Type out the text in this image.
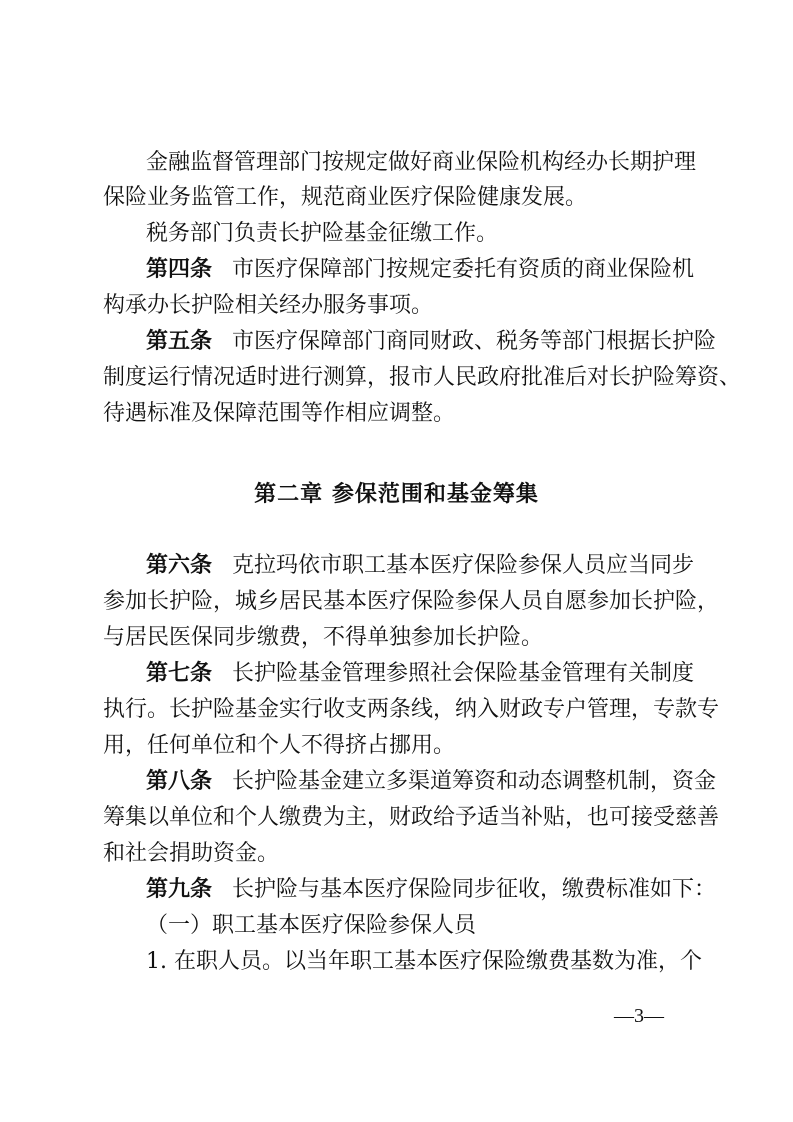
金融监督管理部门按规定做好商业保险机构经办长期护理
保险业务监管工作，规范商业医疗保险健康发展。
税务部门负责长护险基金征缴工作。
第四条 市医疗保障部门按规定委托有资质的商业保险机
构承办长护险相关经办服务事项。
第五条 市医疗保障部门商同财政、税务等部门根据长护险
制度运行情况适时进行测算，报市人民政府批准后对长护险筹资、
待遇标准及保障范围等作相应调整。
第二章 参保范围和基金筹集
第六条 克拉玛依市职工基本医疗保险参保人员应当同步
参加长护险，城乡居民基本医疗保险参保人员自愿参加长护险，
与居民医保同步缴费，不得单独参加长护险。
第七条 长护险基金管理参照社会保险基金管理有关制度
执行。长护险基金实行收支两条线，纳入财政专户管理，专款专
用，任何单位和个人不得挤占挪用。
第八条 长护险基金建立多渠道筹资和动态调整机制，资金
筹集以单位和个人缴费为主，财政给予适当补贴，也可接受慈善
和社会捐助资金。
第九条 长护险与基本医疗保险同步征收，缴费标准如下：
（一）职工基本医疗保险参保人员
1. 在职人员。以当年职工基本医疗保险缴费基数为准，个
—3—
